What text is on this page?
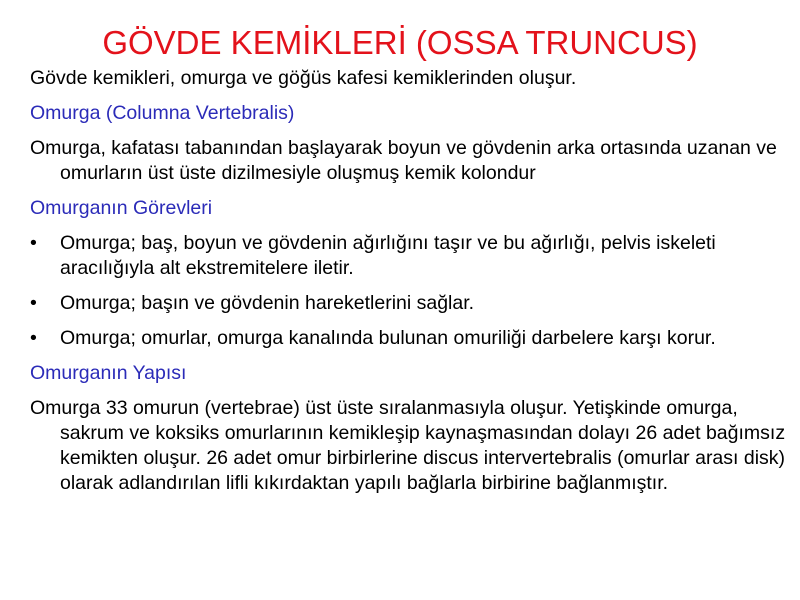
GÖVDE KEMİKLERİ (OSSA TRUNCUS)

Gövde kemikleri, omurga ve göğüs kafesi kemiklerinden oluşur.

Omurga (Columna Vertebralis)

Omurga, kafatası tabanından başlayarak boyun ve gövdenin arka ortasında uzanan ve omurların üst üste dizilmesiyle oluşmuş kemik kolondur

Omurganın Görevleri

•	Omurga; baş, boyun ve gövdenin ağırlığını taşır ve bu ağırlığı, pelvis iskeleti aracılığıyla alt ekstremitelere iletir.
•	Omurga; başın ve gövdenin hareketlerini sağlar.
•	Omurga; omurlar, omurga kanalında bulunan omuriliği darbelere karşı korur.

Omurganın Yapısı

Omurga 33 omurun (vertebrae) üst üste sıralanmasıyla oluşur. Yetişkinde omurga, sakrum ve koksiks omurlarının kemikleşip kaynaşmasından dolayı 26 adet bağımsız kemikten oluşur. 26 adet omur birbirlerine discus intervertebralis (omurlar arası disk) olarak adlandırılan lifli kıkırdaktan yapılı bağlarla birbirine bağlanmıştır.
